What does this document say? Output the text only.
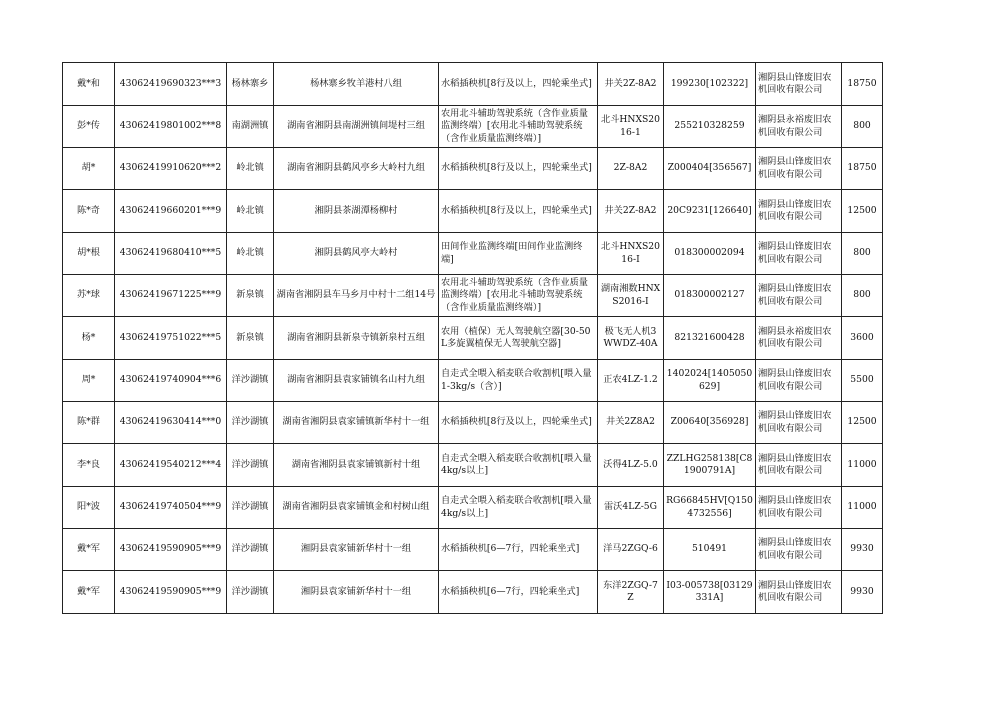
戴*和	43062419690323***3	杨林寨乡	杨林寨乡牧羊港村八组	水稻插秧机[8行及以上，四轮乘坐式]	井关2Z-8A2	199230[102322]	湘阴县山锋废旧农机回收有限公司	18750
彭*传	43062419801002***8	南湖洲镇	湖南省湘阴县南湖洲镇间堤村三组	农用北斗辅助驾驶系统（含作业质量监测终端）[农用北斗辅助驾驶系统（含作业质量监测终端）]	北斗HNXS2016-1	255210328259	湘阴县永裕废旧农机回收有限公司	800
胡*	43062419910620***2	岭北镇	湖南省湘阴县鹤风亭乡大岭村九组	水稻插秧机[8行及以上，四轮乘坐式]	2Z-8A2	Z000404[356567]	湘阴县山锋废旧农机回收有限公司	18750
陈*奇	43062419660201***9	岭北镇	湘阴县茶湖潭杨柳村	水稻插秧机[8行及以上，四轮乘坐式]	井关2Z-8A2	20C9231[126640]	湘阴县山锋废旧农机回收有限公司	12500
胡*根	43062419680410***5	岭北镇	湘阴县鹤风亭大岭村	田间作业监测终端[田间作业监测终端]	北斗HNXS2016-I	018300002094	湘阴县山锋废旧农机回收有限公司	800
苏*球	43062419671225***9	新泉镇	湖南省湘阴县车马乡月中村十二组14号	农用北斗辅助驾驶系统（含作业质量监测终端）[农用北斗辅助驾驶系统（含作业质量监测终端）]	湖南湘数HNXS2016-I	018300002127	湘阴县山锋废旧农机回收有限公司	800
杨*	43062419751022***5	新泉镇	湖南省湘阴县新泉寺镇新泉村五组	农用（植保）无人驾驶航空器[30-50L多旋翼植保无人驾驶航空器]	极飞无人机3WWDZ-40A	821321600428	湘阴县永裕废旧农机回收有限公司	3600
周*	43062419740904***6	洋沙湖镇	湖南省湘阴县袁家铺镇名山村九组	自走式全喂入稻麦联合收割机[喂入量1-3kg/s（含）]	正农4LZ-1.2	1402024[1405050629]	湘阴县山锋废旧农机回收有限公司	5500
陈*群	43062419630414***0	洋沙湖镇	湖南省湘阴县袁家铺镇新华村十一组	水稻插秧机[8行及以上，四轮乘坐式]	井关2Z8A2	Z00640[356928]	湘阴县山锋废旧农机回收有限公司	12500
李*良	43062419540212***4	洋沙湖镇	湖南省湘阴县袁家铺镇新村十组	自走式全喂入稻麦联合收割机[喂入量4kg/s以上]	沃得4LZ-5.0	ZZLHG258138[C81900791A]	湘阴县山锋废旧农机回收有限公司	11000
阳*波	43062419740504***9	洋沙湖镇	湖南省湘阴县袁家铺镇金和村树山组	自走式全喂入稻麦联合收割机[喂入量4kg/s以上]	雷沃4LZ-5G	RG66845HV[Q1504732556]	湘阴县山锋废旧农机回收有限公司	11000
戴*军	43062419590905***9	洋沙湖镇	湘阴县袁家铺新华村十一组	水稻插秧机[6—7行，四轮乘坐式]	洋马2ZGQ-6	510491	湘阴县山锋废旧农机回收有限公司	9930
戴*军	43062419590905***9	洋沙湖镇	湘阴县袁家铺新华村十一组	水稻插秧机[6—7行，四轮乘坐式]	东洋2ZGQ-7Z	I03-005738[03129331A]	湘阴县山锋废旧农机回收有限公司	9930
